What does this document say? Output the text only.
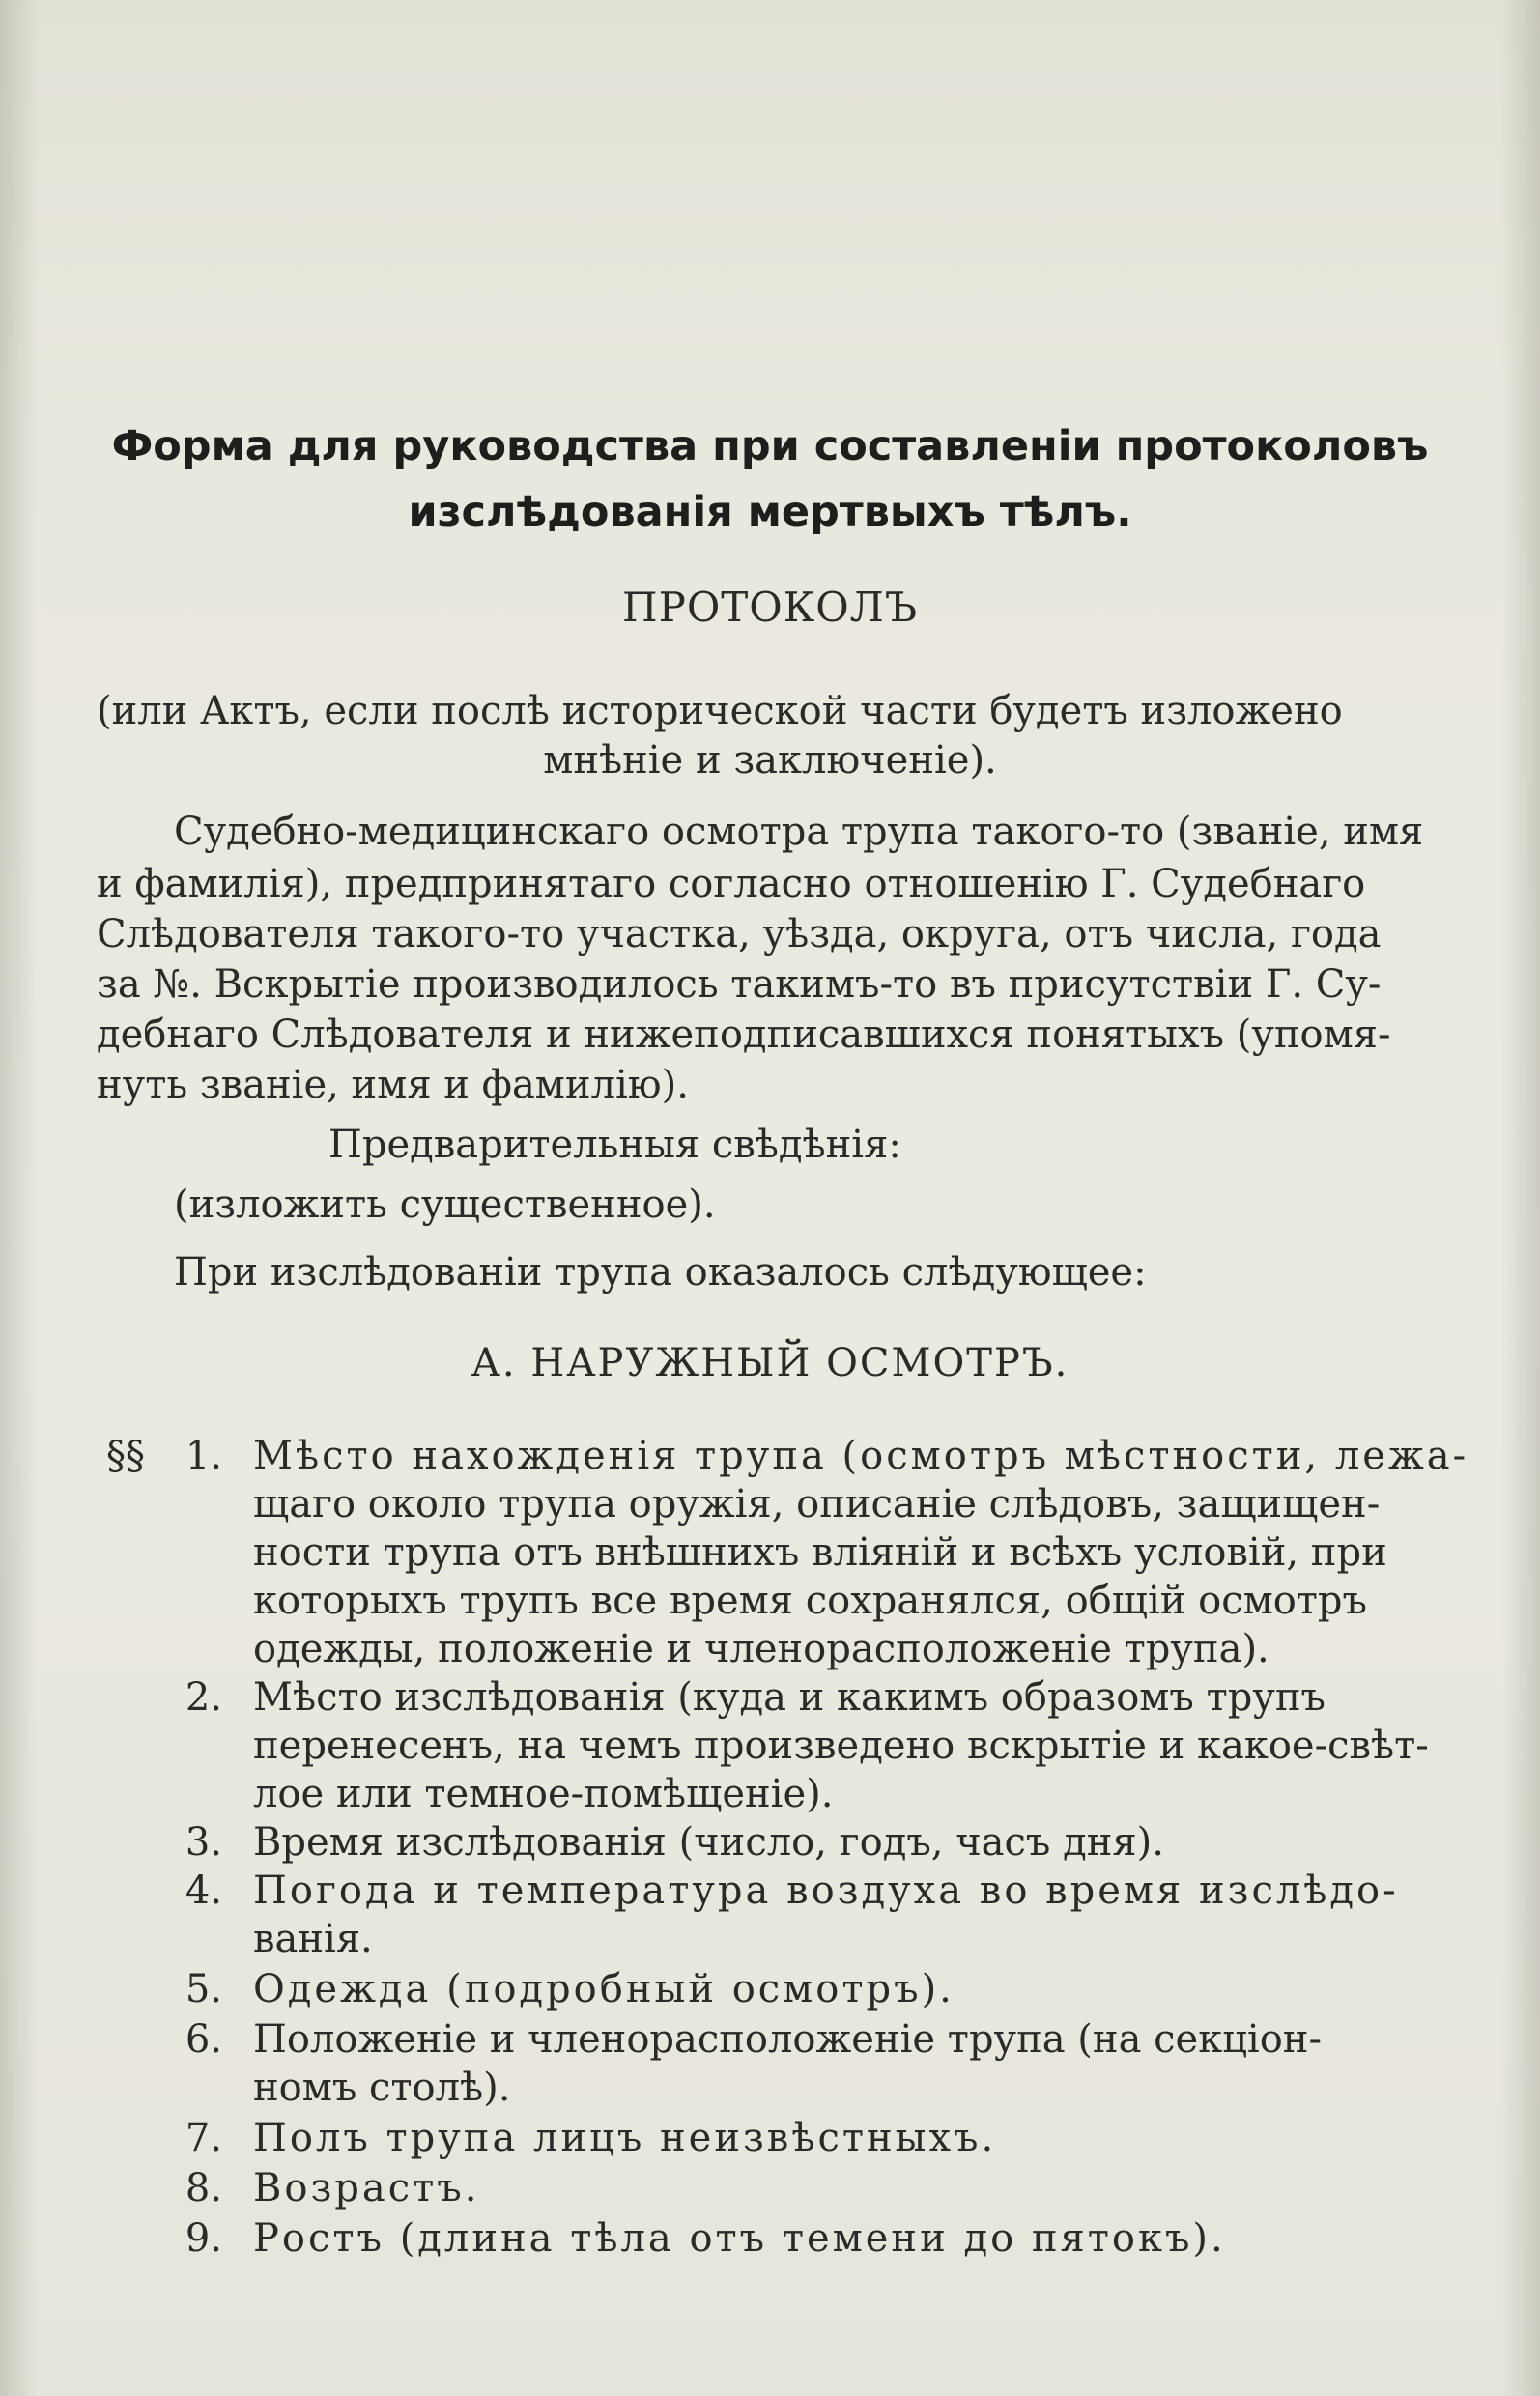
Форма для руководства при составленіи протоколовъ
изслѣдованія мертвыхъ тѣлъ.
ПРОТОКОЛЪ
(или Актъ, если послѣ исторической части будетъ изложено
мнѣніе и заключеніе).
Судебно-медицинскаго осмотра трупа такого-то (званіе, имя
и фамилія), предпринятаго согласно отношенію Г. Судебнаго
Слѣдователя такого-то участка, уѣзда, округа, отъ числа, года
за №. Вскрытіе производилось такимъ-то въ присутствіи Г. Су-
дебнаго Слѣдователя и нижеподписавшихся понятыхъ (упомя-
нуть званіе, имя и фамилію).
Предварительныя свѣдѣнія:
(изложить существенное).
При изслѣдованіи трупа оказалось слѣдующее:
А. НАРУЖНЫЙ ОСМОТРЪ.
§§	1. Мѣсто нахожденія трупа (осмотръ мѣстности, лежа-
щаго около трупа оружія, описаніе слѣдовъ, защищен-
ности трупа отъ внѣшнихъ вліяній и всѣхъ условій, при
которыхъ трупъ все время сохранялся, общій осмотръ
одежды, положеніе и членорасположеніе трупа).
2. Мѣсто изслѣдованія (куда и какимъ образомъ трупъ
перенесенъ, на чемъ произведено вскрытіе и какое-свѣт-
лое или темное-помѣщеніе).
3. Время изслѣдованія (число, годъ, часъ дня).
4. Погода и температура воздуха во время изслѣдо-
ванія.
5. Одежда (подробный осмотръ).
6. Положеніе и членорасположеніе трупа (на секціон-
номъ столѣ).
7. Полъ трупа лицъ неизвѣстныхъ.
8. Возрастъ.
9. Ростъ (длина тѣла отъ темени до пятокъ).
